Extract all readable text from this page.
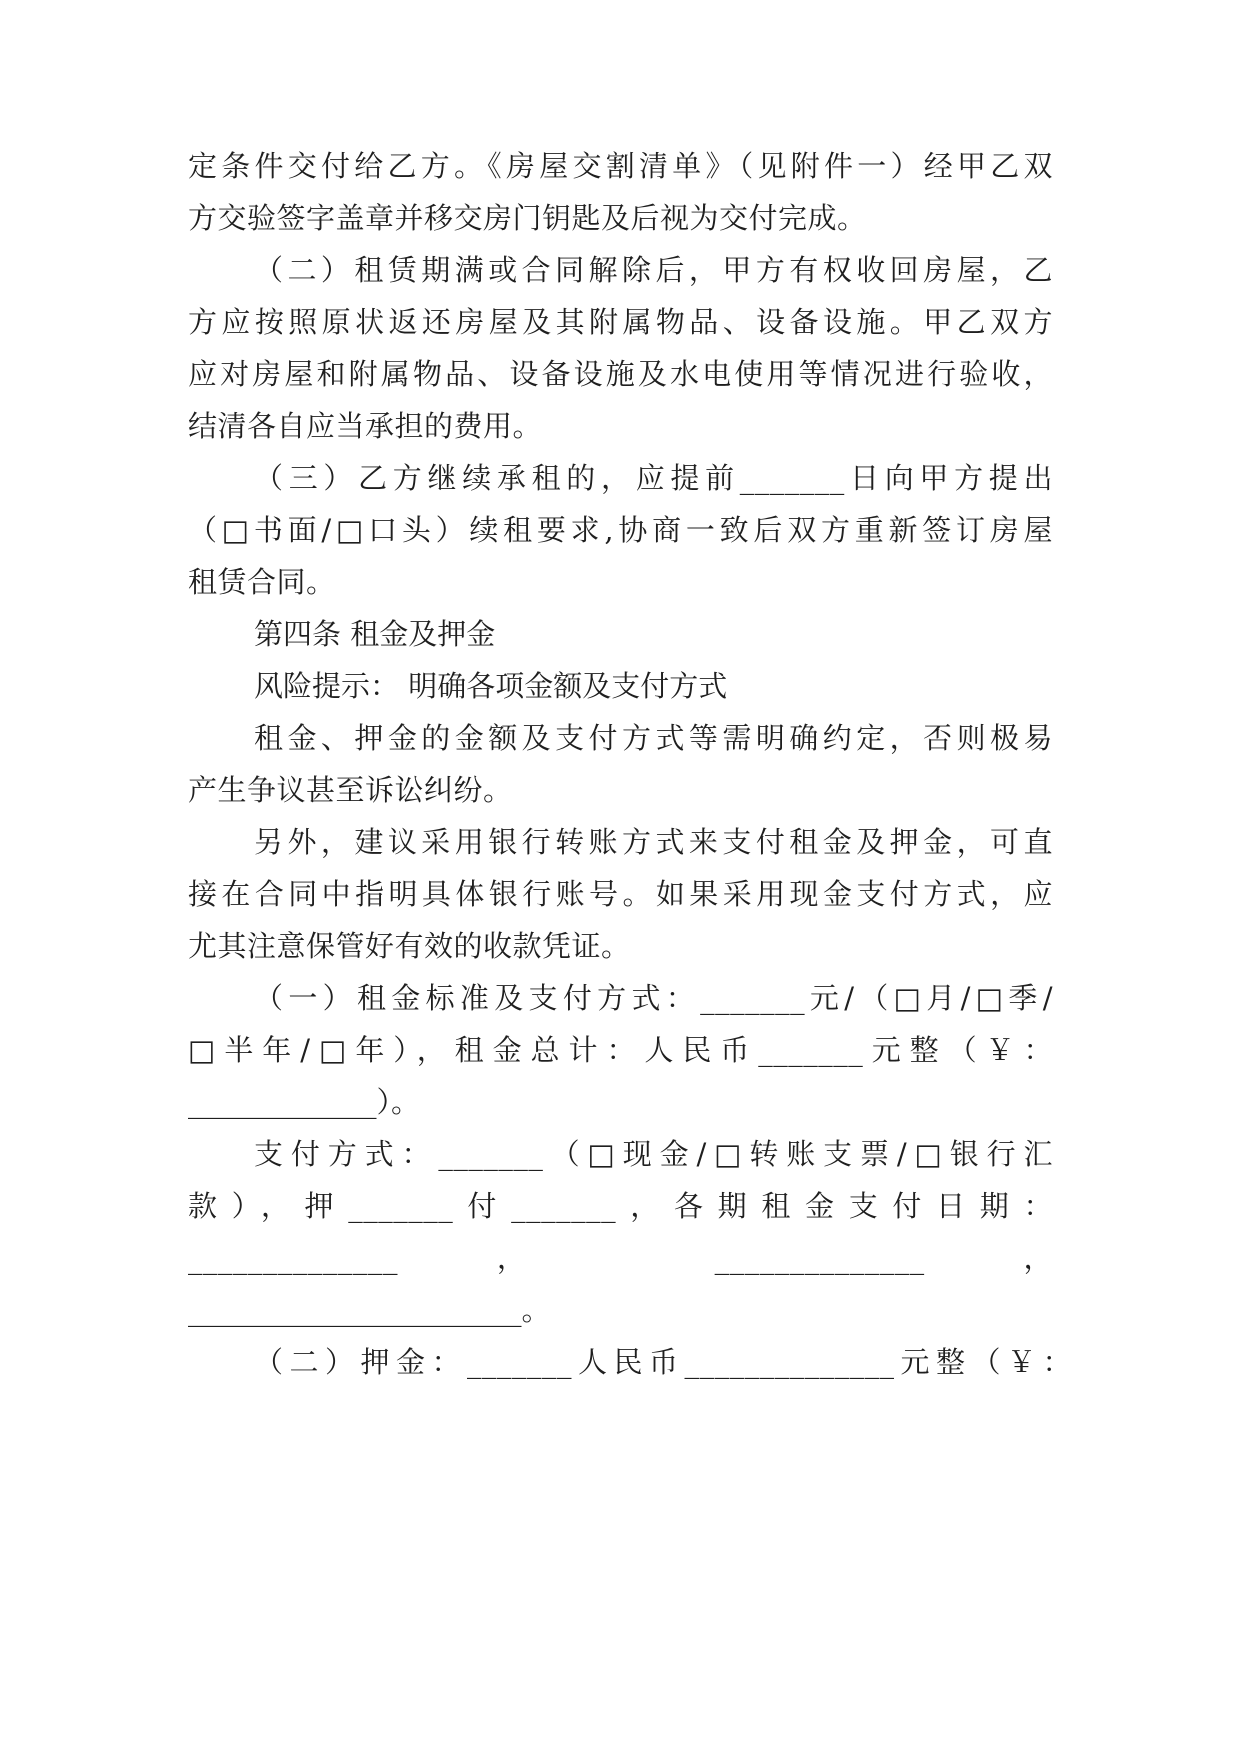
定条件交付给乙方。《房屋交割清单》（见附件一）经甲乙双
方交验签字盖章并移交房门钥匙及后视为交付完成。
（二）租赁期满或合同解除后，甲方有权收回房屋，乙
方应按照原状返还房屋及其附属物品、设备设施。甲乙双方
应对房屋和附属物品、设备设施及水电使用等情况进行验收，
结清各自应当承担的费用。
（三）乙方继续承租的，应提前_______日向甲方提出
（□书面/□口头）续租要求,协商一致后双方重新签订房屋
租赁合同。
第四条 租金及押金
风险提示： 明确各项金额及支付方式
租金、押金的金额及支付方式等需明确约定，否则极易
产生争议甚至诉讼纠纷。
另外，建议采用银行转账方式来支付租金及押金，可直
接在合同中指明具体银行账号。如果采用现金支付方式，应
尤其注意保管好有效的收款凭证。
（一）租金标准及支付方式：_______元/（□月/□季/
□半年/□年），租金总计：人民币_______元整（￥：
_____________）。
支付方式：_______（□现金/□转账支票/□银行汇
款），押_______付_______，各期租金支付日期：
______________ ， ______________ ，
_______________________。
（二）押金：_______人民币______________元整（￥：
